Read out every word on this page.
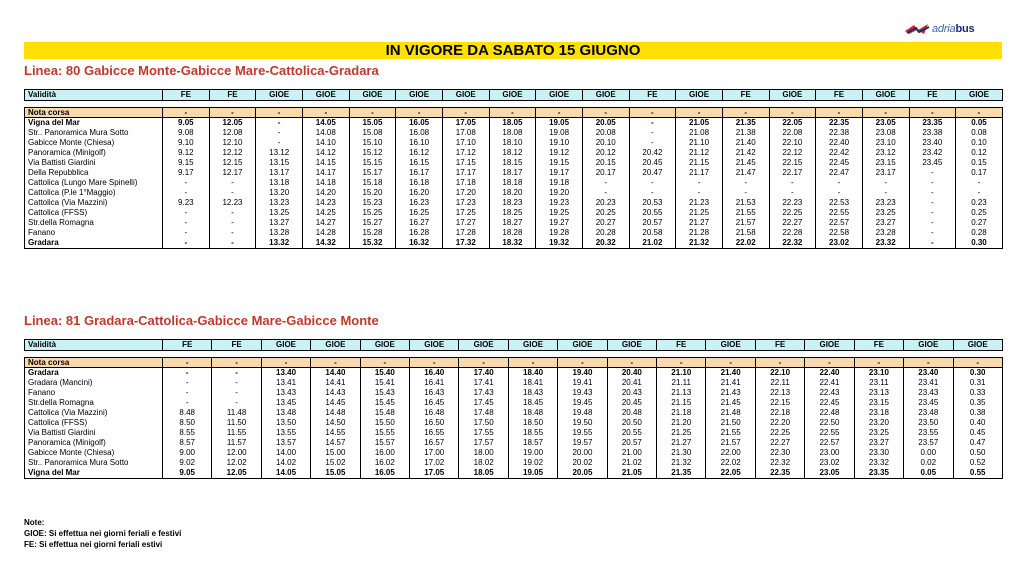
adriabus
IN VIGORE DA SABATO 15 GIUGNO
Linea: 80 Gabicce Monte-Gabicce Mare-Cattolica-Gradara
Validità	FE	FE	GIOE	GIOE	GIOE	GIOE	GIOE	GIOE	GIOE	GIOE	FE	GIOE	FE	GIOE	FE	GIOE	FE	GIOE

Nota corsa	-	-	-	-	-	-	-	-	-	-	-	-	-	-	-	-	-	-
Vigna del Mar	9.05	12.05	-	14.05	15.05	16.05	17.05	18.05	19.05	20.05	-	21.05	21.35	22.05	22.35	23.05	23.35	0.05
Str.. Panoramica Mura Sotto	9.08	12.08	-	14.08	15.08	16.08	17.08	18.08	19.08	20.08	-	21.08	21.38	22.08	22.38	23.08	23.38	0.08
Gabicce Monte (Chiesa)	9.10	12.10	-	14.10	15.10	16.10	17.10	18.10	19.10	20.10	-	21.10	21.40	22.10	22.40	23.10	23.40	0.10
Panoramica (Minigolf)	9.12	12.12	13.12	14.12	15.12	16.12	17.12	18.12	19.12	20.12	20.42	21.12	21.42	22.12	22.42	23.12	23.42	0.12
Via Battisti Giardini	9.15	12.15	13.15	14.15	15.15	16.15	17.15	18.15	19.15	20.15	20.45	21.15	21.45	22.15	22.45	23.15	23.45	0.15
Della Repubblica	9.17	12.17	13.17	14.17	15.17	16.17	17.17	18.17	19.17	20.17	20.47	21.17	21.47	22.17	22.47	23.17	-	0.17
Cattolica (Lungo Mare Spinelli)	-	-	13.18	14.18	15.18	16.18	17.18	18.18	19.18	-	-	-	-	-	-	-	-	-
Cattolica (P.le 1°Maggio)	-	-	13.20	14.20	15.20	16.20	17.20	18.20	19.20	-	-	-	-	-	-	-	-	-
Cattolica (Via Mazzini)	9.23	12.23	13.23	14.23	15.23	16.23	17.23	18.23	19.23	20.23	20.53	21.23	21.53	22.23	22.53	23.23	-	0.23
Cattolica (FFSS)	-	-	13.25	14.25	15.25	16.25	17.25	18.25	19.25	20.25	20.55	21.25	21.55	22.25	22.55	23.25	-	0.25
Str.della Romagna	-	-	13.27	14.27	15.27	16.27	17.27	18.27	19.27	20.27	20.57	21.27	21.57	22.27	22.57	23.27	-	0.27
Fanano	-	-	13.28	14.28	15.28	16.28	17.28	18.28	19.28	20.28	20.58	21.28	21.58	22.28	22.58	23.28	-	0.28
Gradara	-	-	13.32	14.32	15.32	16.32	17.32	18.32	19.32	20.32	21.02	21.32	22.02	22.32	23.02	23.32	-	0.30
Linea: 81 Gradara-Cattolica-Gabicce Mare-Gabicce Monte
Validità	FE	FE	GIOE	GIOE	GIOE	GIOE	GIOE	GIOE	GIOE	GIOE	FE	GIOE	FE	GIOE	FE	GIOE	GIOE

Nota corsa	-	-	-	-	-	-	-	-	-	-	-	-	-	-	-	-	-
Gradara	-	-	13.40	14.40	15.40	16.40	17.40	18.40	19.40	20.40	21.10	21.40	22.10	22.40	23.10	23.40	0.30
Gradara (Mancini)	-	-	13.41	14.41	15.41	16.41	17.41	18.41	19.41	20.41	21.11	21.41	22.11	22.41	23.11	23.41	0.31
Fanano	-	-	13.43	14.43	15.43	16.43	17.43	18.43	19.43	20.43	21.13	21.43	22.13	22.43	23.13	23.43	0.33
Str.della Romagna	-	-	13.45	14.45	15.45	16.45	17.45	18.45	19.45	20.45	21.15	21.45	22.15	22.45	23.15	23.45	0.35
Cattolica (Via Mazzini)	8.48	11.48	13.48	14.48	15.48	16.48	17.48	18.48	19.48	20.48	21.18	21.48	22.18	22.48	23.18	23.48	0.38
Cattolica (FFSS)	8.50	11.50	13.50	14.50	15.50	16.50	17.50	18.50	19.50	20.50	21.20	21.50	22.20	22.50	23.20	23.50	0.40
Via Battisti Giardini	8.55	11.55	13.55	14.55	15.55	16.55	17.55	18.55	19.55	20.55	21.25	21.55	22.25	22.55	23.25	23.55	0.45
Panoramica (Minigolf)	8.57	11.57	13.57	14.57	15.57	16.57	17.57	18.57	19.57	20.57	21.27	21.57	22.27	22.57	23.27	23.57	0.47
Gabicce Monte (Chiesa)	9.00	12.00	14.00	15.00	16.00	17.00	18.00	19.00	20.00	21.00	21.30	22.00	22.30	23.00	23.30	0.00	0.50
Str.. Panoramica Mura Sotto	9.02	12.02	14.02	15.02	16.02	17.02	18.02	19.02	20.02	21.02	21.32	22.02	22.32	23.02	23.32	0.02	0.52
Vigna del Mar	9.05	12.05	14.05	15.05	16.05	17.05	18.05	19.05	20.05	21.05	21.35	22.05	22.35	23.05	23.35	0.05	0.55
Note:
GIOE: Si effettua nei giorni feriali e festivi
FE: Si effettua nei giorni feriali estivi
